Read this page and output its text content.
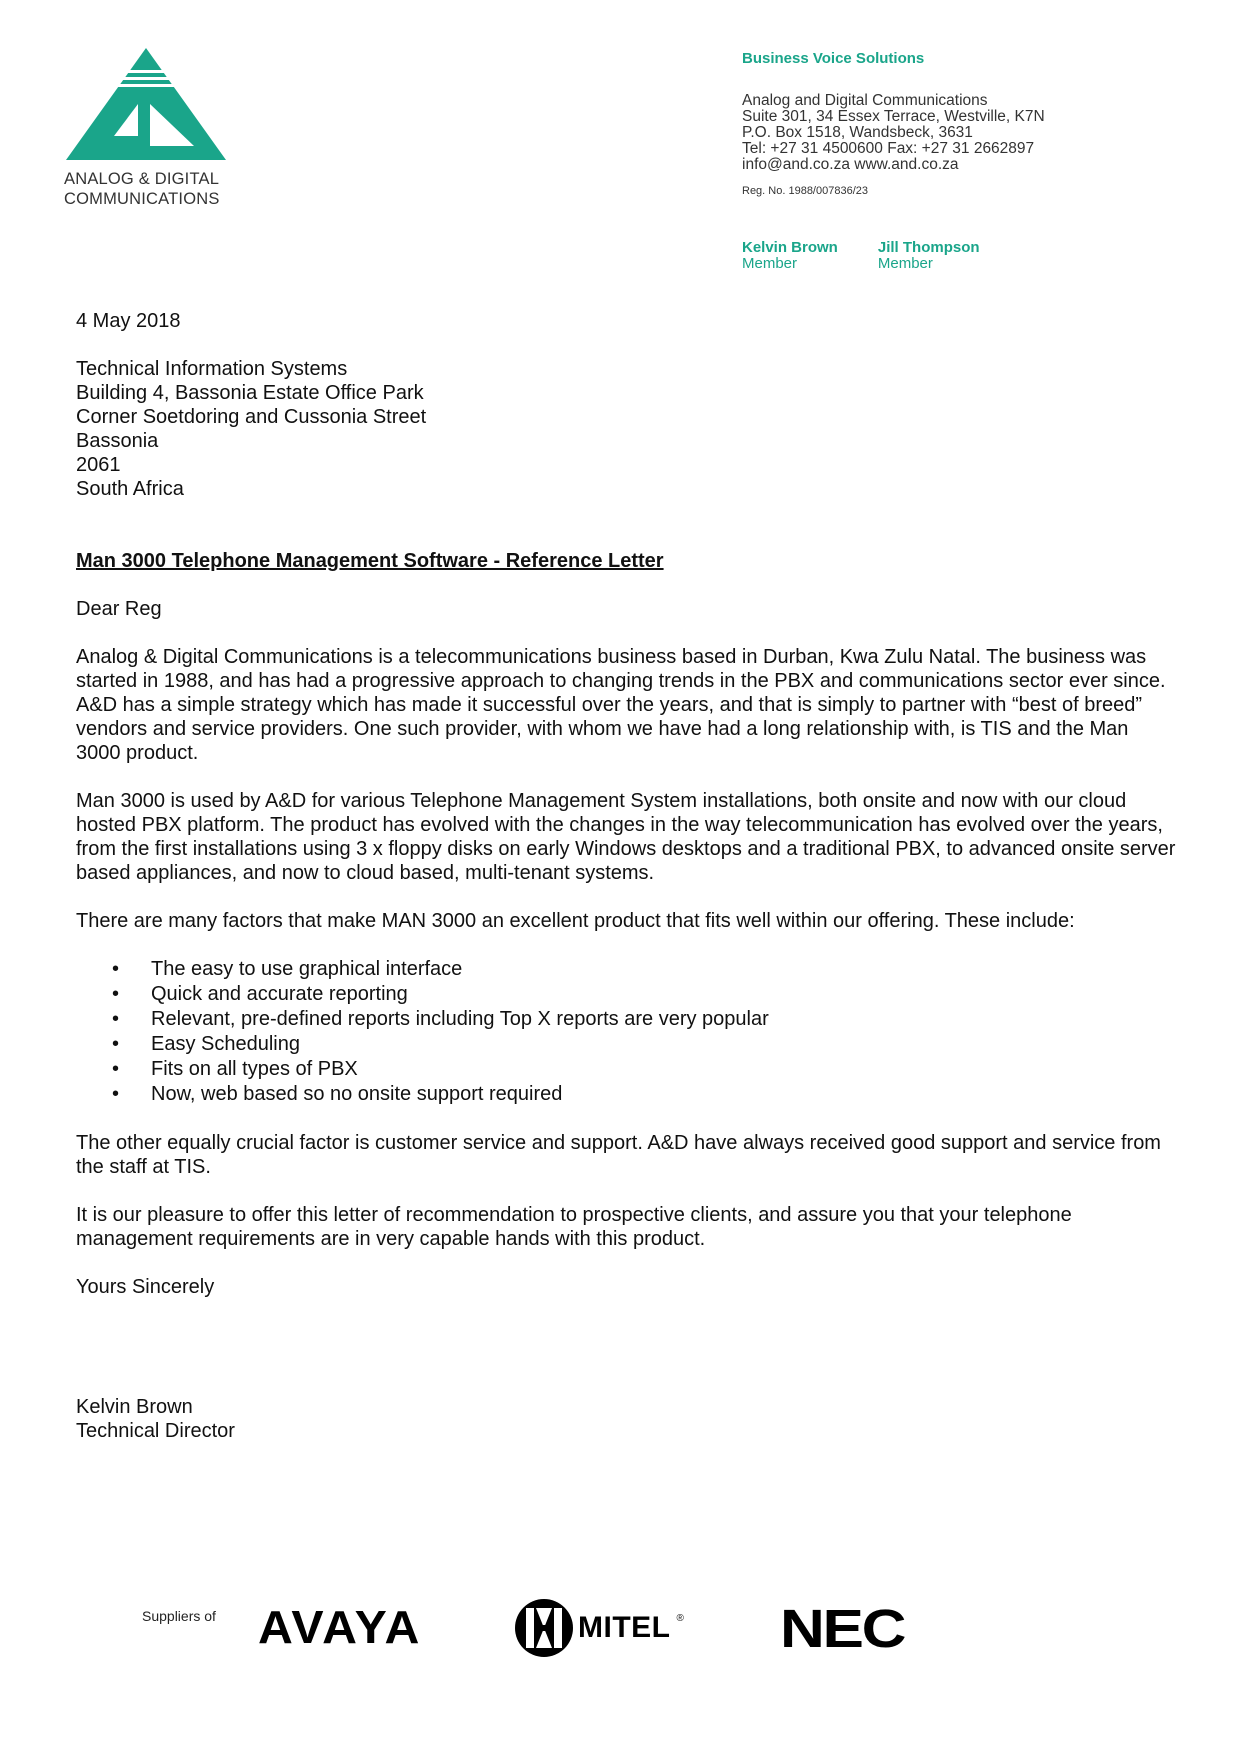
ANALOG & DIGITAL
COMMUNICATIONS
Business Voice Solutions
Analog and Digital Communications
Suite 301, 34 Essex Terrace, Westville, K7N
P.O. Box 1518, Wandsbeck, 3631
Tel: +27 31 4500600 Fax: +27 31 2662897
info@and.co.za www.and.co.za
Reg. No. 1988/007836/23
Kelvin Brown
Member
Jill Thompson
Member

4 May 2018

Technical Information Systems

Building 4, Bassonia Estate Office Park

Corner Soetdoring and Cussonia Street

Bassonia

2061

South Africa

Man 3000 Telephone Management Software - Reference Letter

Dear Reg

Analog & Digital Communications is a telecommunications business based in Durban, Kwa Zulu Natal. The business was started in 1988, and has had a progressive approach to changing trends in the PBX and communications sector ever since. A&D has a simple strategy which has made it successful over the years, and that is simply to partner with “best of breed” vendors and service providers. One such provider, with whom we have had a long relationship with, is TIS and the Man 3000 product.

Man 3000 is used by A&D for various Telephone Management System installations, both onsite and now with our cloud hosted PBX platform. The product has evolved with the changes in the way telecommunication has evolved over the years, from the first installations using 3 x floppy disks on early Windows desktops and a traditional PBX, to advanced onsite server based appliances, and now to cloud based, multi-tenant systems.

There are many factors that make MAN 3000 an excellent product that fits well within our offering. These include:

• The easy to use graphical interface
• Quick and accurate reporting
• Relevant, pre-defined reports including Top X reports are very popular
• Easy Scheduling
• Fits on all types of PBX
• Now, web based so no onsite support required

The other equally crucial factor is customer service and support. A&D have always received good support and service from the staff at TIS.

It is our pleasure to offer this letter of recommendation to prospective clients, and assure you that your telephone management requirements are in very capable hands with this product.

Yours Sincerely

Kelvin Brown

Technical Director

Suppliers of AVAYA	MITEL ® NEC
